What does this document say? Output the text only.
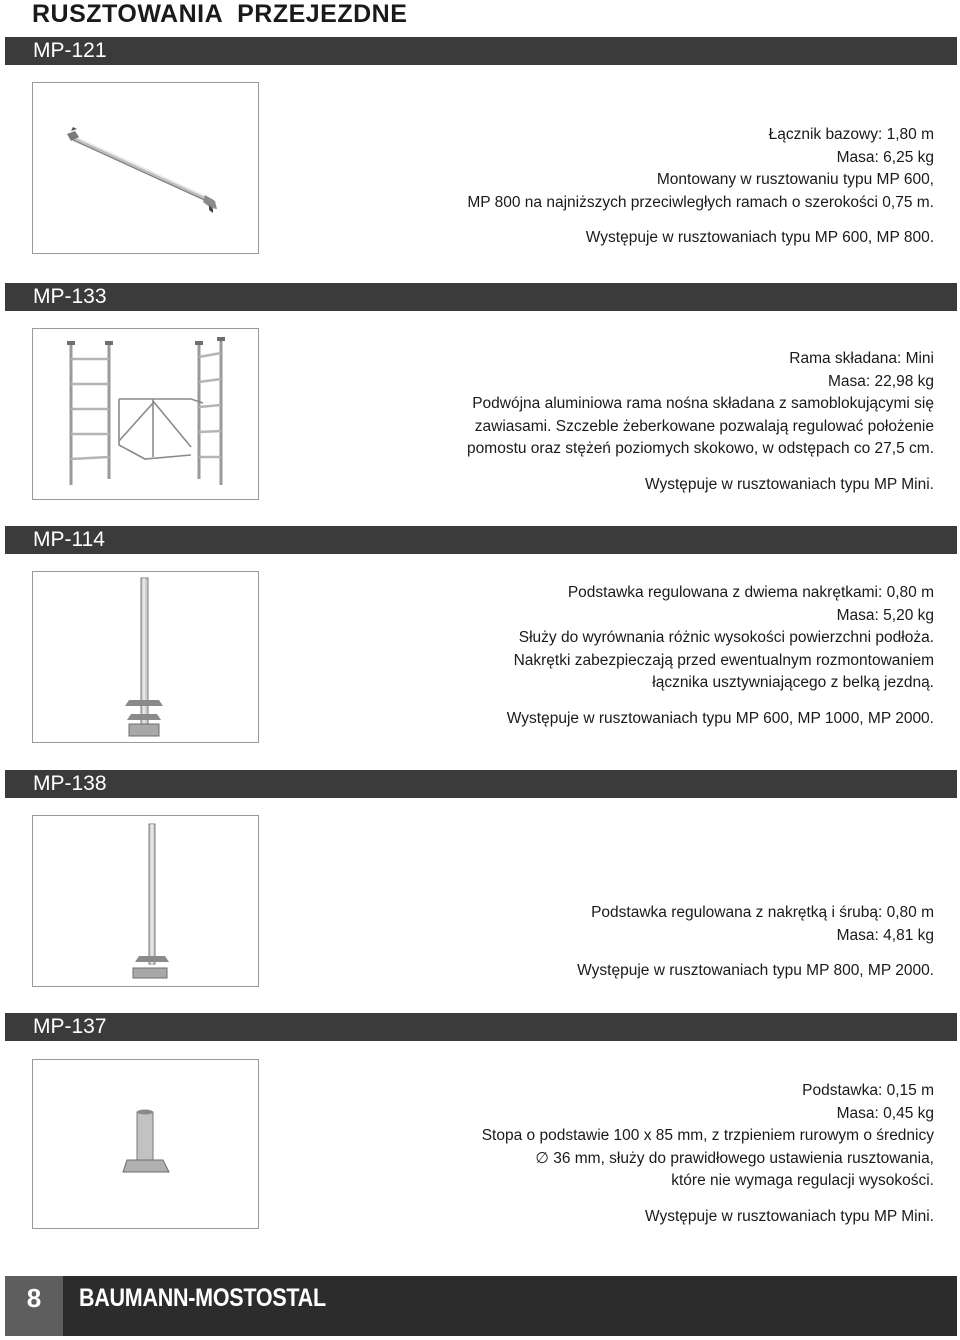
RUSZTOWANIA  PRZEJEZDNE
MP-121

Łącznik bazowy: 1,80 m

Masa: 6,25 kg

Montowany w rusztowaniu typu MP 600,

MP 800 na najniższych przeciwległych ramach o szerokości 0,75 m.

Występuje w rusztowaniach typu MP 600, MP 800.

MP-133

Rama składana: Mini

Masa: 22,98 kg

Podwójna aluminiowa rama nośna składana z samoblokującymi się

zawiasami. Szczeble żeberkowane pozwalają regulować położenie

pomostu oraz stężeń poziomych skokowo, w odstępach co 27,5 cm.

Występuje w rusztowaniach typu MP Mini.

MP-114

Podstawka regulowana z dwiema nakrętkami: 0,80 m

Masa: 5,20 kg

Służy do wyrównania różnic wysokości powierzchni podłoża.

Nakrętki zabezpieczają przed ewentualnym rozmontowaniem

łącznika usztywniającego z belką jezdną.

Występuje w rusztowaniach typu MP 600, MP 1000, MP 2000.

MP-138

Podstawka regulowana z nakrętką i śrubą: 0,80 m

Masa: 4,81 kg

Występuje w rusztowaniach typu MP 800, MP 2000.

MP-137

Podstawka: 0,15 m

Masa: 0,45 kg

Stopa o podstawie 100 x 85 mm, z trzpieniem rurowym o średnicy

∅ 36 mm, służy do prawidłowego ustawienia rusztowania,

które nie wymaga regulacji wysokości.

Występuje w rusztowaniach typu MP Mini.

8	BAUMANN-MOSTOSTAL
